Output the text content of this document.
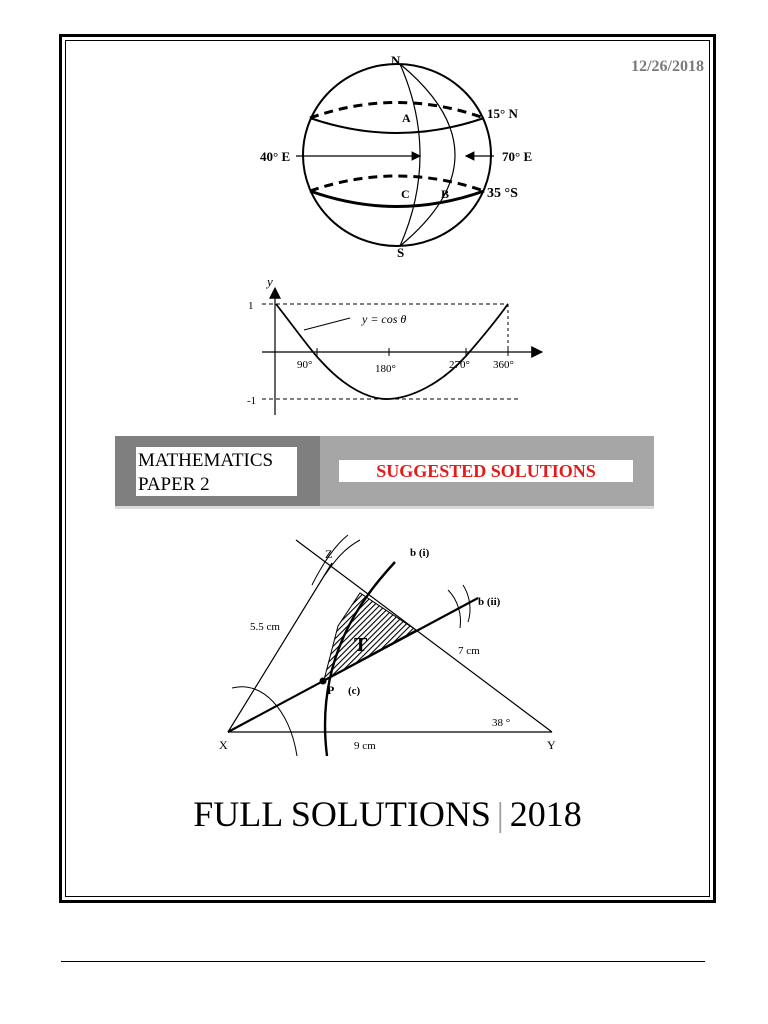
12/26/2018
N
S
15° N
35 °S
40° E	70° E
A
C	B
y
1
-1
90°	180°	270° 360°
y = cos θ
MATHEMATICS
PAPER 2
SUGGESTED SOLUTIONS
X	Y
Z
P (c)
b (i)
b (ii)
5.5 cm
7 cm
9 cm
38 °
T
FULL SOLUTIONS | 2018
